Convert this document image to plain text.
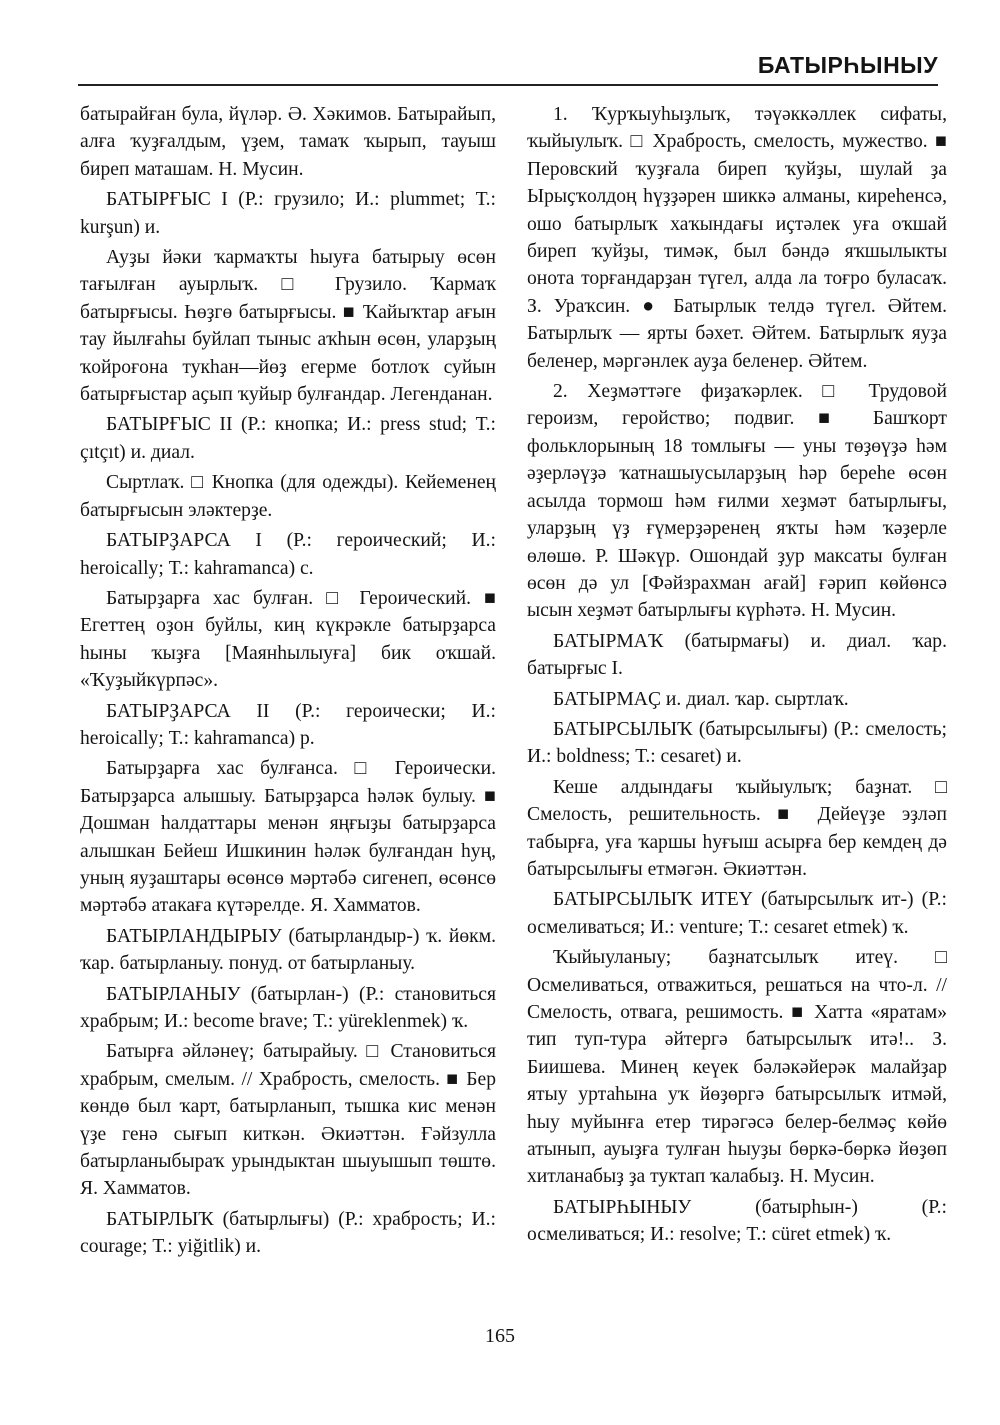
БАТЫРҺЫНЫУ

батырайған була, йүләр. Ә. Хәкимов. Батырайып, алға ҡуҙғалдым, үҙем, тамаҡ ҡырып, тауыш биреп маташам. Н. Мусин.

БАТЫРҒЫС I (Р.: грузило; И.: plummet; Т.: kurşun) и.

Ауҙы йәки ҡармаҡты һыуға батырыу өсөн тағылған ауырлыҡ. □ Грузило. Ҡармаҡ батырғысы. Һөҙгө батырғысы. ■ Ҡайыҡтар ағын тау йылғаһы буйлап тыныс аҡһын өсөн, уларҙың ҡойроғона тукһан—йөҙ егерме ботлоҡ суйын батырғыстар аҫып ҡуйыр булғандар. Легенданан.

БАТЫРҒЫС II (Р.: кнопка; И.: press stud; Т.: çıtçıt) и. диал.

Сыртлаҡ. □ Кнопка (для одежды). Кейеменең батырғысын эләктерҙе.

БАТЫРҘАРСА I (Р.: героический; И.: heroically; Т.: kahramanca) с.

Батырҙарға хас булған. □ Героический. ■ Егеттең оҙон буйлы, киң күкрәкле батырҙарса һыны ҡыҙға [Маянһылыуға] бик оҡшай. «Ҡуҙыйкүрпәс».

БАТЫРҘАРСА II (Р.: героически; И.: heroically; Т.: kahramanca) р.

Батырҙарға хас булғанса. □ Героически. Батырҙарса алышыу. Батырҙарса һәләк булыу. ■ Дошман һалдаттары менән яңғыҙы батырҙарса алышкан Бейеш Ишкинин һәләк булғандан һуң, уның яуҙаштары өсөнсө мәртәбә сигенеп, өсөнсө мәртәбә атакаға күтәрелде. Я. Хамматов.

БАТЫРЛАНДЫРЫУ (батырландыр-) ҡ. йөкм. ҡар. батырланыу. понуд. от батырланыу.

БАТЫРЛАНЫУ (батырлан-) (Р.: становиться храбрым; И.: become brave; Т.: yüreklenmek) ҡ.

Батырға әйләнеү; батырайыу. □ Становиться храбрым, смелым. // Храбрость, смелость. ■ Бер көндө был ҡарт, батырланып, тышка кис менән үҙе генә сығып киткән. Әкиәттән. Ғәйзулла батырланыбыраҡ урындыктан шыуышып төштө. Я. Хамматов.

БАТЫРЛЫҠ (батырлығы) (Р.: храбрость; И.: courage; Т.: yiğitlik) и.

1. Ҡурҡыуһыҙлыҡ, тәүәккәллек сифаты, ҡыйыулыҡ. □ Храбрость, смелость, мужество. ■ Перовский ҡуҙғала биреп ҡуйҙы, шулай ҙа Ырыҫҡолдоң һүҙҙәрен шиккә алманы, киреһенсә, ошо батырлыҡ хаҡындағы иҫтәлек уға оҡшай биреп ҡуйҙы, тимәк, был бәндә яҡшылыкты онота торғандарҙан түгел, алда ла тоғро буласаҡ. З. Ураҡсин. ● Батырлык телдә түгел. Әйтем. Батырлыҡ — ярты бәхет. Әйтем. Батырлыҡ яуҙа беленер, мәргәнлек ауҙа беленер. Әйтем.

2. Хеҙмәттәге фиҙаҡәрлек. □ Трудовой героизм, геройство; подвиг. ■ Башҡорт фольклорының 18 томлығы — уны төҙөүҙә һәм әҙерләүҙә ҡатнашыусыларҙың һәр береһе өсөн асылда тормош һәм ғилми хеҙмәт батырлығы, уларҙың үҙ ғүмерҙәренең яҡты һәм ҡәҙерле өлөшө. Р. Шәкүр. Ошондай ҙур максаты булған өсөн дә ул [Фәйзрахман ағай] ғәрип көйөнсә ысын хеҙмәт батырлығы күрһәтә. Н. Мусин.

БАТЫРМАҠ (батырмағы) и. диал. ҡар. батырғыс I.

БАТЫРМАҪ и. диал. ҡар. сыртлаҡ.

БАТЫРСЫЛЫҠ (батырсылығы) (Р.: смелость; И.: boldness; Т.: cesaret) и.

Кеше алдындағы ҡыйыулыҡ; баҙнат. □ Смелость, решительность. ■ Дейеүҙе эҙләп табырға, уға ҡаршы һуғыш асырға бер кемдең дә батырсылығы етмәгән. Әкиәттән.

БАТЫРСЫЛЫҠ ИТЕҮ (батырсылыҡ ит-) (Р.: осмеливаться; И.: venture; Т.: cesaret etmek) ҡ.

Ҡыйыуланыу; баҙнатсылыҡ итеү. □ Осмеливаться, отважиться, решаться на что-л. // Смелость, отвага, решимость. ■ Хатта «яратам» тип туп-тура әйтергә батырсылыҡ итә!.. З. Биишева. Минең кеүек бәләкәйерәк малайҙар ятыу уртаһына уҡ йөҙөргә батырсылыҡ итмәй, һыу муйынға етер тирәгәсә белер-белмәҫ көйө атынып, ауыҙға тулған һыуҙы бөркә-бөркә йөҙөп хитланабыҙ ҙа туктап ҡалабыҙ. Н. Мусин.

БАТЫРҺЫНЫУ (батырһын-) (Р.: осмеливаться; И.: resolve; Т.: cüret etmek) ҡ.

165
